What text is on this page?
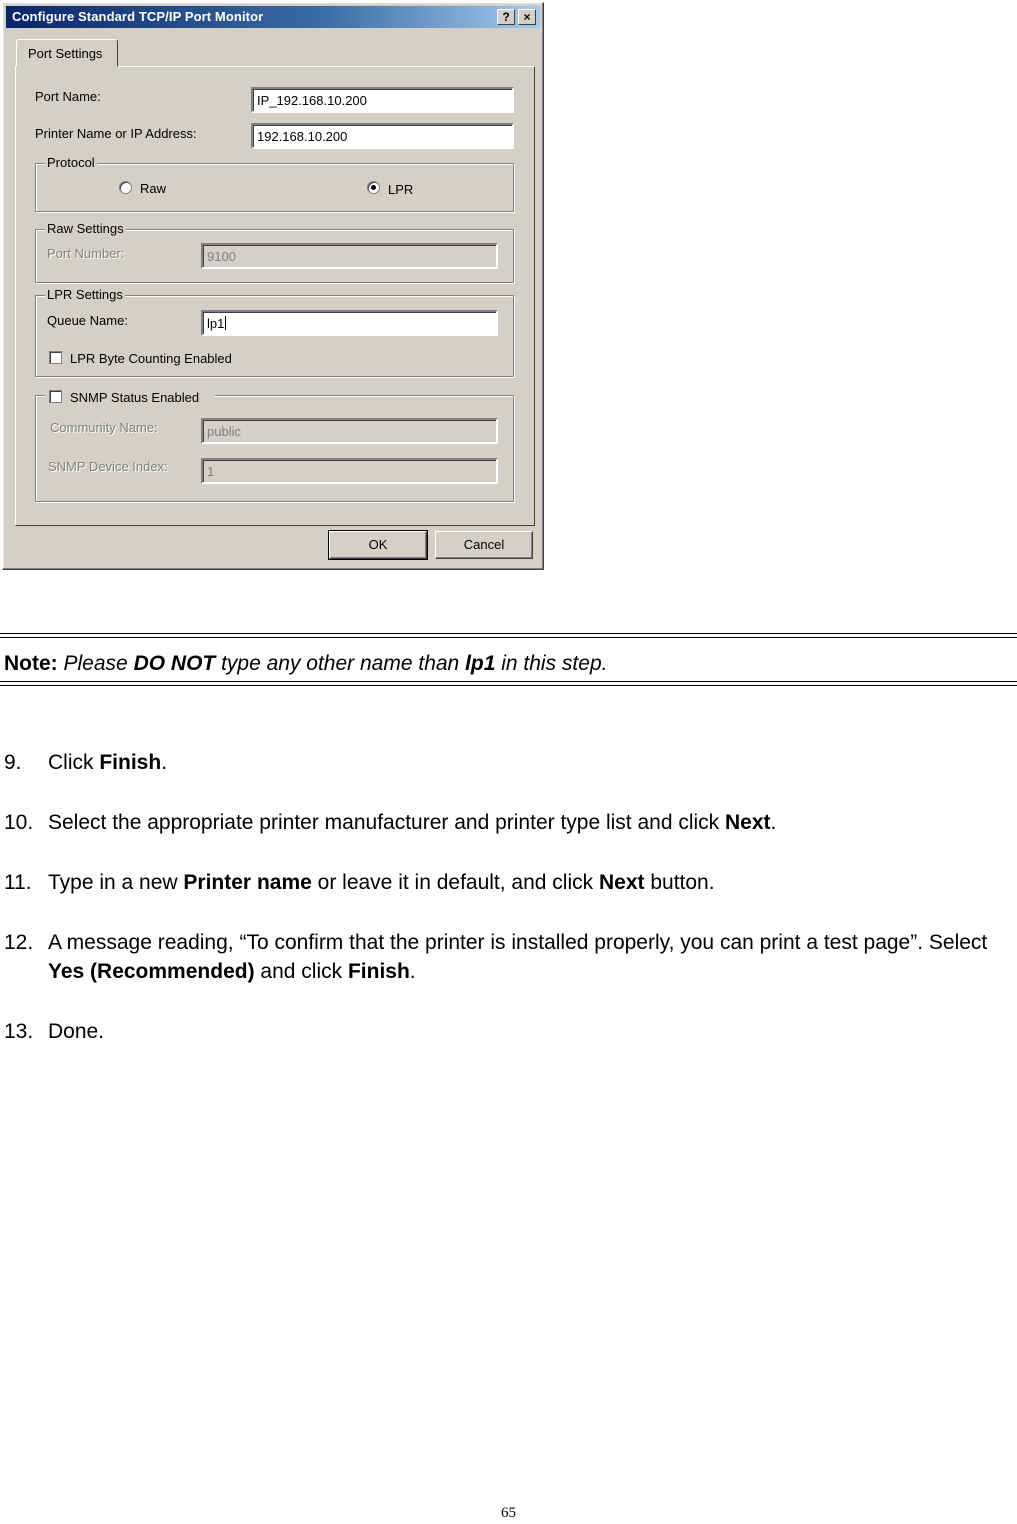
Configure Standard TCP/IP Port Monitor	?	×
Port Settings
Port Name:	IP_192.168.10.200
Printer Name or IP Address:	192.168.10.200
Protocol
Raw	LPR
Raw Settings
Port Number:	9100
LPR Settings
Queue Name:	lp1
LPR Byte Counting Enabled
SNMP Status Enabled
Community Name:	public
SNMP Device Index:	1
OK	Cancel
Note: Please DO NOT type any other name than lp1 in this step.
9. Click Finish.
10. Select the appropriate printer manufacturer and printer type list and click Next.
11. Type in a new Printer name or leave it in default, and click Next button.
12. A message reading, “To confirm that the printer is installed properly, you can print a test page”. Select Yes (Recommended) and click Finish.
13. Done.
65
